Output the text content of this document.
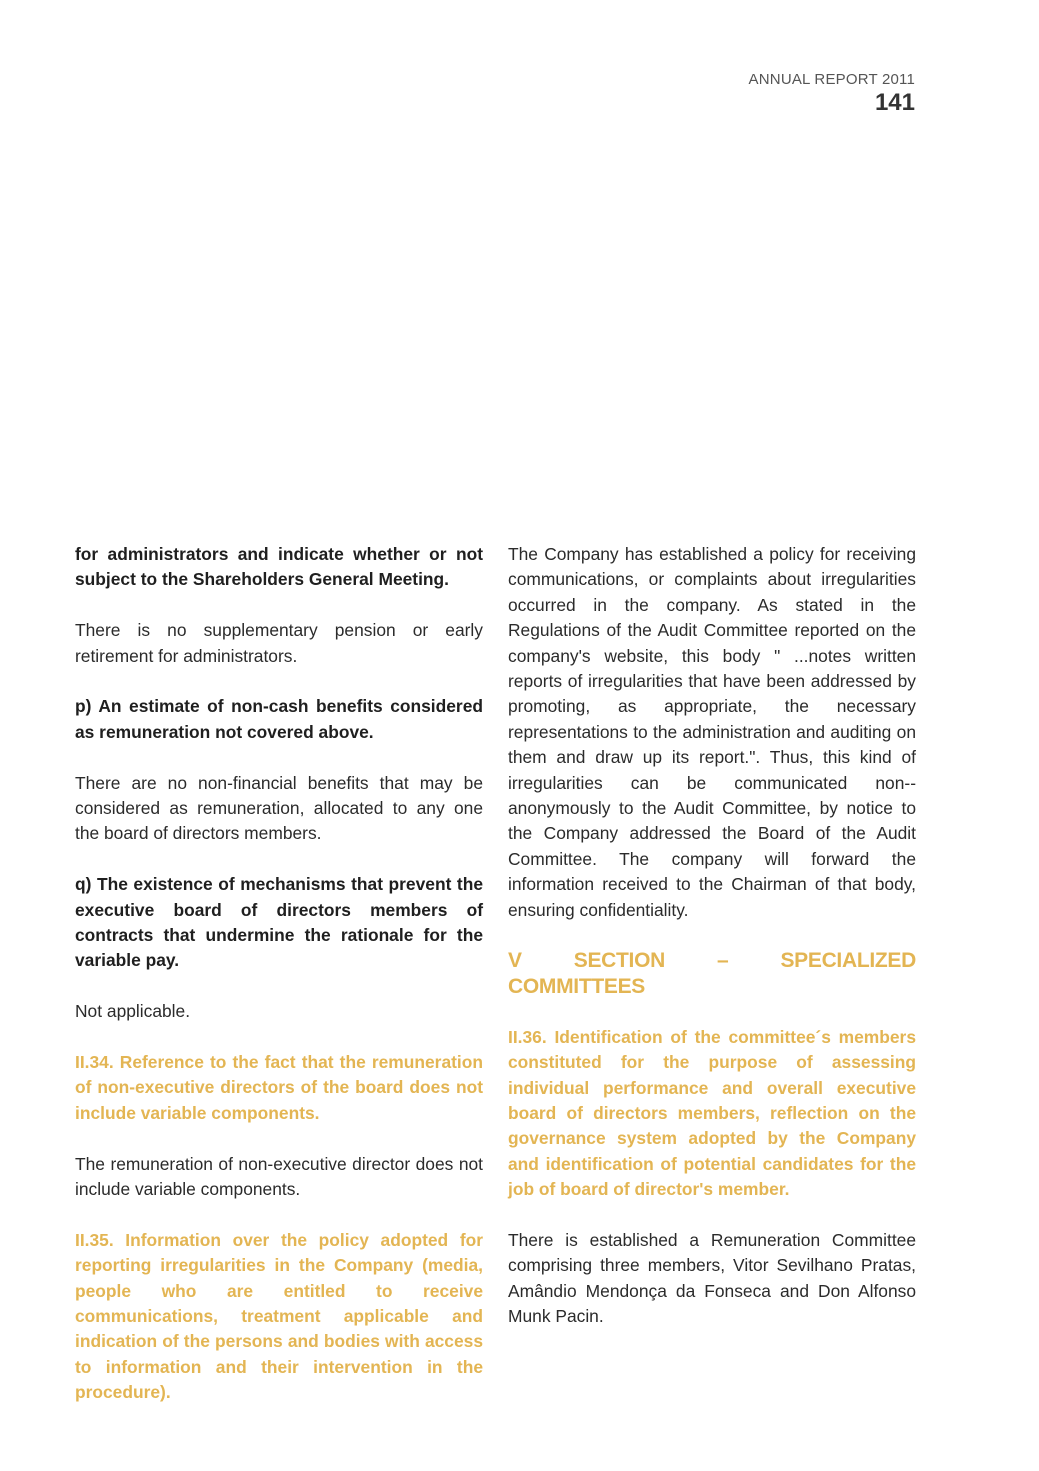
ANNUAL REPORT 2011
141

for administrators and indicate whether or not subject to the Shareholders General Meeting.

There is no supplementary pension or early retirement for administrators.

p) An estimate of non-cash benefits considered as remuneration not covered above.

There are no non-financial benefits that may be considered as remuneration, allocated to any one the board of directors members.

q) The existence of mechanisms that prevent the executive board of directors members of contracts that undermine the rationale for the variable pay.

Not applicable.

II.34. Reference to the fact that the remuneration of non-executive directors of the board does not include variable components.

The remuneration of non-executive director does not include variable components.

II.35. Information over the policy adopted for reporting irregularities in the Company (media, people who are entitled to receive communications, treatment applicable and indication of the persons and bodies with access to information and their intervention in the procedure).

The Company has established a policy for receiving communications, or complaints about irregularities occurred in the company. As stated in the Regulations of the Audit Committee reported on the company's website, this body " ...notes written reports of irregularities that have been addressed by promoting, as appropriate, the necessary representations to the administration and auditing on them and draw up its report.". Thus, this kind of irregularities can be communicated non--anonymously to the Audit Committee, by notice to the Company addressed the Board of the Audit Committee. The company will forward the information received to the Chairman of that body, ensuring confidentiality.

V SECTION – SPECIALIZED COMMITTEES

II.36. Identification of the committee´s members constituted for the purpose of assessing individual performance and overall executive board of directors members, reflection on the governance system adopted by the Company and identification of potential candidates for the job of board of director's member.

There is established a Remuneration Committee comprising three members, Vitor Sevilhano Pratas, Amândio Mendonça da Fonseca and Don Alfonso Munk Pacin.
